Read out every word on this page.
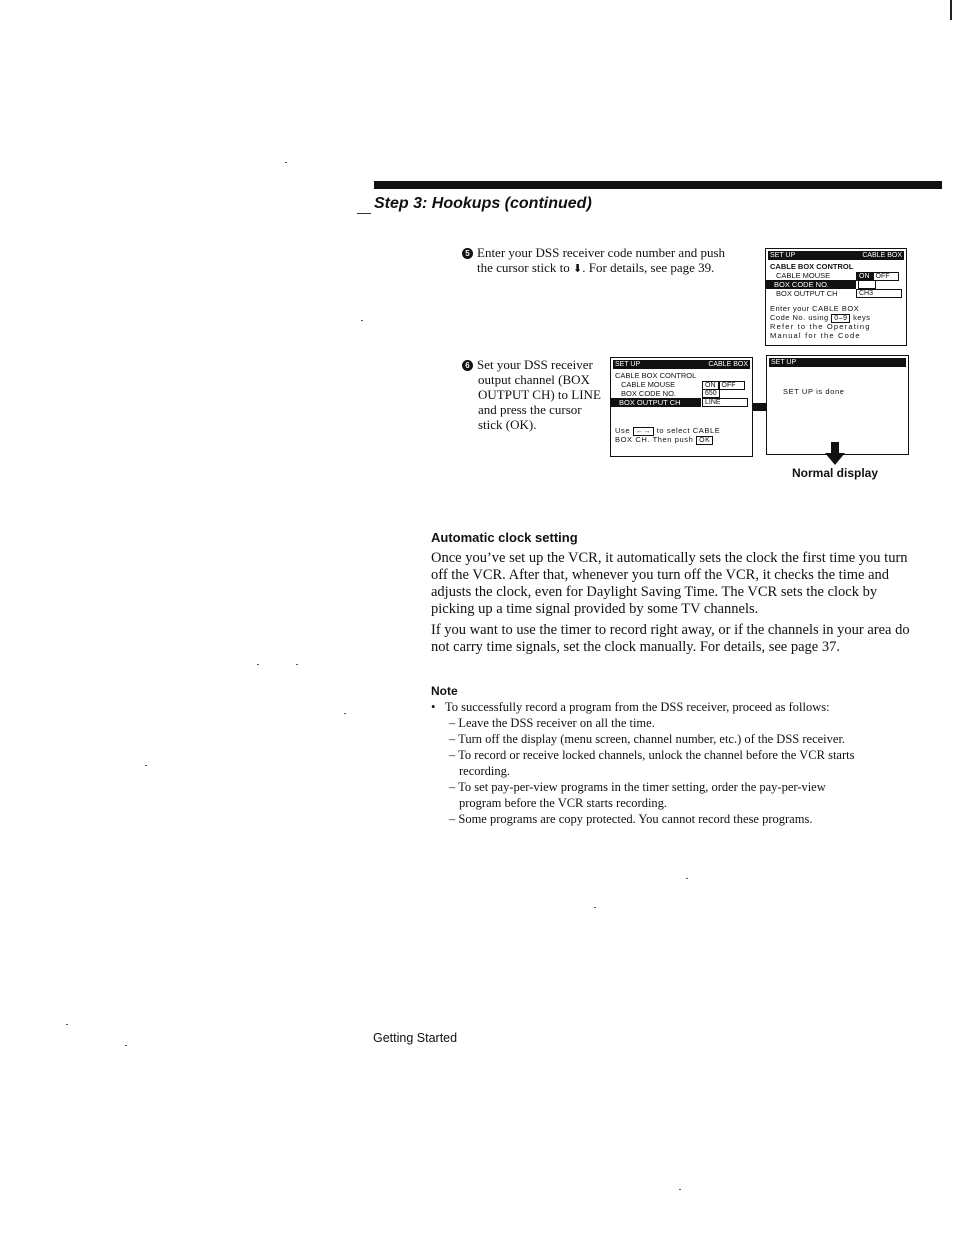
Step 3: Hookups (continued)
5 Enter your DSS receiver code number and push
the cursor stick to ⬇. For details, see page 39.
SET UP	CABLE BOX
CABLE BOX CONTROL
CABLE MOUSE	ON OFF
BOX CODE NO.
BOX OUTPUT CH	CH3
Enter your CABLE BOX
Code No. using 0–9 keys
Refer to the Operating
Manual for the Code
6 Set your DSS receiver
output channel (BOX
OUTPUT CH) to LINE
and press the cursor
stick (OK).
SET UP	CABLE BOX
CABLE BOX CONTROL
CABLE MOUSE	ON OFF
BOX CODE NO.	650
BOX OUTPUT CH	LINE
Use ←→ to select CABLE
BOX CH. Then push OK
SET UP
SET UP is done
Normal display
Automatic clock setting
Once you’ve set up the VCR, it automatically sets the clock the first time you turn off the VCR. After that, whenever you turn off the VCR, it checks the time and adjusts the clock, even for Daylight Saving Time. The VCR sets the clock by picking up a time signal provided by some TV channels.
If you want to use the timer to record right away, or if the channels in your area do not carry time signals, set the clock manually. For details, see page 37.
Note
• To successfully record a program from the DSS receiver, proceed as follows:
– Leave the DSS receiver on all the time.
– Turn off the display (menu screen, channel number, etc.) of the DSS receiver.
– To record or receive locked channels, unlock the channel before the VCR starts
recording.
– To set pay-per-view programs in the timer setting, order the pay-per-view
program before the VCR starts recording.
– Some programs are copy protected. You cannot record these programs.
Getting Started
